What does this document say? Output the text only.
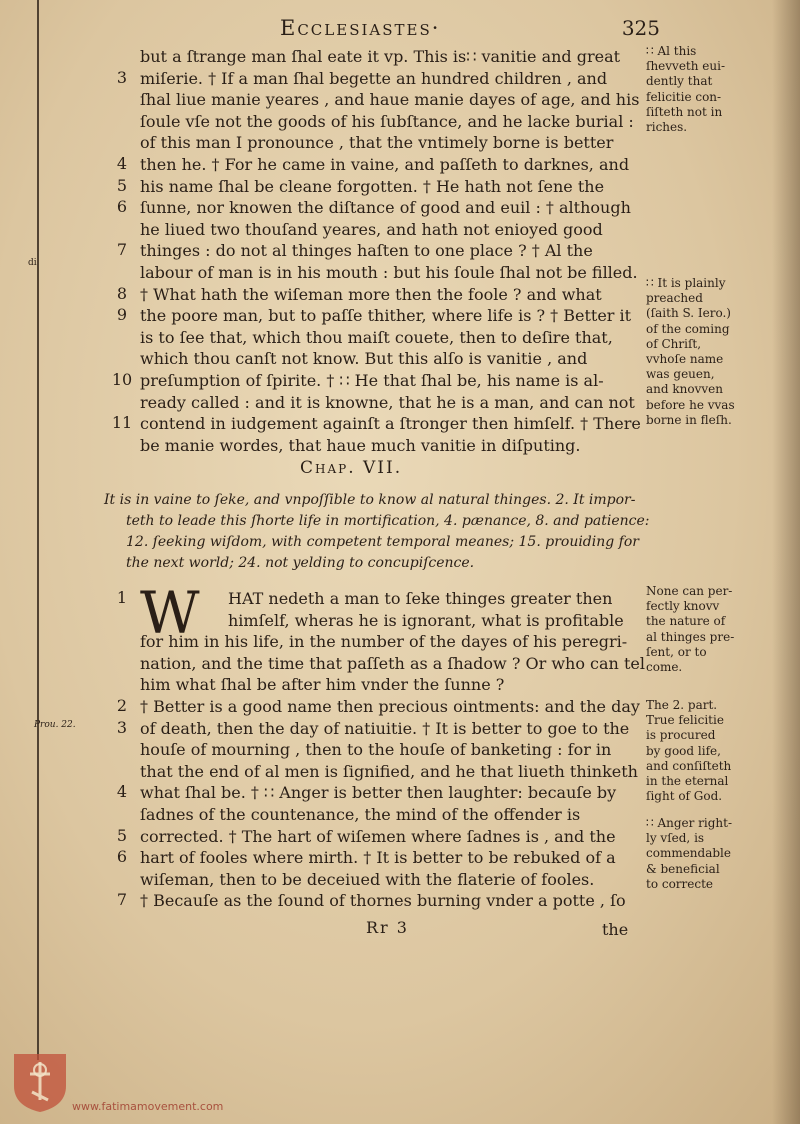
Ecclesiastes·	325
di
3
4
5
6
7
8
9
10
11
but a ſtrange man ſhal eate it vp. This is∷ vanitie and great
miſerie. † If a man ſhal begette an hundred children , and
ſhal liue manie yeares , and haue manie dayes of age, and his
ſoule vſe not the goods of his ſubſtance, and he lacke burial :
of this man I pronounce , that the vntimely borne is better
then he. † For he came in vaine, and paſſeth to darknes, and
his name ſhal be cleane forgotten. † He hath not ſene the
ſunne, nor knowen the diſtance of good and euil : † although
he liued two thouſand yeares, and hath not enioyed good
thinges : do not al thinges haſten to one place ? † Al the
labour of man is in his mouth : but his ſoule ſhal not be filled.
† What hath the wiſeman more then the foole ? and what
the poore man, but to paſſe thither, where life is ? † Better it
is to ſee that, which thou maiſt couete, then to deſire that,
which thou canſt not know. But this alſo is vanitie , and
preſumption of ſpirite. † ∷ He that ſhal be, his name is al-
ready called : and it is knowne, that he is a man, and can not
contend in iudgement againſt a ſtronger then himſelf. † There
be manie wordes, that haue much vanitie in diſputing.
∷ Al this
ſhevveth eui-
dently that
felicitie con-
ſiſteth not in
riches.
∷ It is plainly
preached
(ſaith S. Iero.)
of the coming
of Chriſt,
vvhoſe name
was geuen,
and knovven
before he vvas
borne in fleſh.
Chap. VII.
It is in vaine to ſeke, and vnpoſſible to know al natural thinges. 2. It impor-
teth to leade this ſhorte life in mortification, 4. pænance, 8. and patience:
12. ſeeking wiſdom, with competent temporal meanes; 15. prouiding for
the next world; 24. not yelding to concupiſcence.
1
2
3
4
5
6
7
W HAT nedeth a man to ſeke thinges greater then
himſelf, wheras he is ignorant, what is profitable
for him in his life, in the number of the dayes of his peregri-
nation, and the time that paſſeth as a ſhadow ? Or who can tel
him what ſhal be after him vnder the ſunne ?
† Better is a good name then precious ointments: and the day
of death, then the day of natiuitie. † It is better to goe to the
houſe of mourning , then to the houſe of banketing : for in
that the end of al men is ſignified, and he that liueth thinketh
what ſhal be. † ∷ Anger is better then laughter: becauſe by
ſadnes of the countenance, the mind of the offender is
corrected. † The hart of wiſemen where ſadnes is , and the
hart of fooles where mirth. † It is better to be rebuked of a
wiſeman, then to be deceiued with the flaterie of fooles.
† Becauſe as the ſound of thornes burning vnder a potte , ſo
None can per-
fectly knovv
the nature of
al thinges pre-
ſent, or to
come.
The 2. part.
True felicitie
is procured
by good life,
and conſiſteth
in the eternal
ſight of God.
∷ Anger right-
ly vſed, is
commendable
& beneficial
to correcte
Prou. 22.
Rr 3	the
www.fatimamovement.com
